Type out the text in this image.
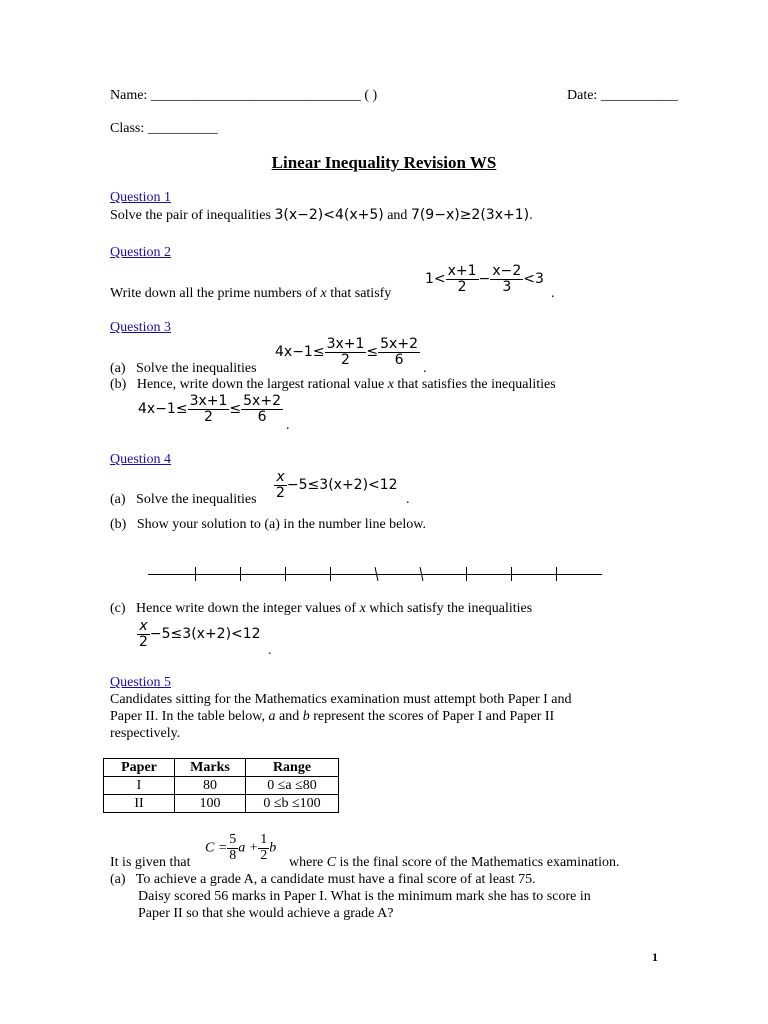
Name: ______________________________ ( )	Date: ___________
Class: __________
Linear Inequality Revision WS
Question 1
Solve the pair of inequalities 3(x−2)<4(x+5) and 7(9−x)≥2(3x+1).
Question 2
Write down all the prime numbers of x that satisfy
$1< \frac{x+1}{2} - \frac{x-2}{3} <3$
.
Question 3
$4x-1\le \frac{3x+1}{2} \le \frac{5x+2}{6}$
.
(a) Solve the inequalities
(b) Hence, write down the largest rational value x that satisfies the inequalities
$4x-1\le \frac{3x+1}{2} \le \frac{5x+2}{6}$
.
Question 4
(a) Solve the inequalities $\frac{x}{2} -5\le 3(x+2)<12$
.
(b) Show your solution to (a) in the number line below.
(c) Hence write down the integer values of x which satisfy the inequalities
$\frac{x}{2} -5\le 3(x+2)<12$
.
Question 5
Candidates sitting for the Mathematics examination must attempt both Paper I and
Paper II. In the table below, a and b represent the scores of Paper I and Paper II
respectively.
Paper	Marks	Range
I	80	0 ≤a ≤80
II	100	0 ≤b ≤100
$C = \frac{5}{8}$ $a + \frac{1}{2}$ b
It is given that	where C is the final score of the Mathematics examination.
(a) To achieve a grade A, a candidate must have a final score of at least 75.
Daisy scored 56 marks in Paper I. What is the minimum mark she has to score in
Paper II so that she would achieve a grade A?
1
